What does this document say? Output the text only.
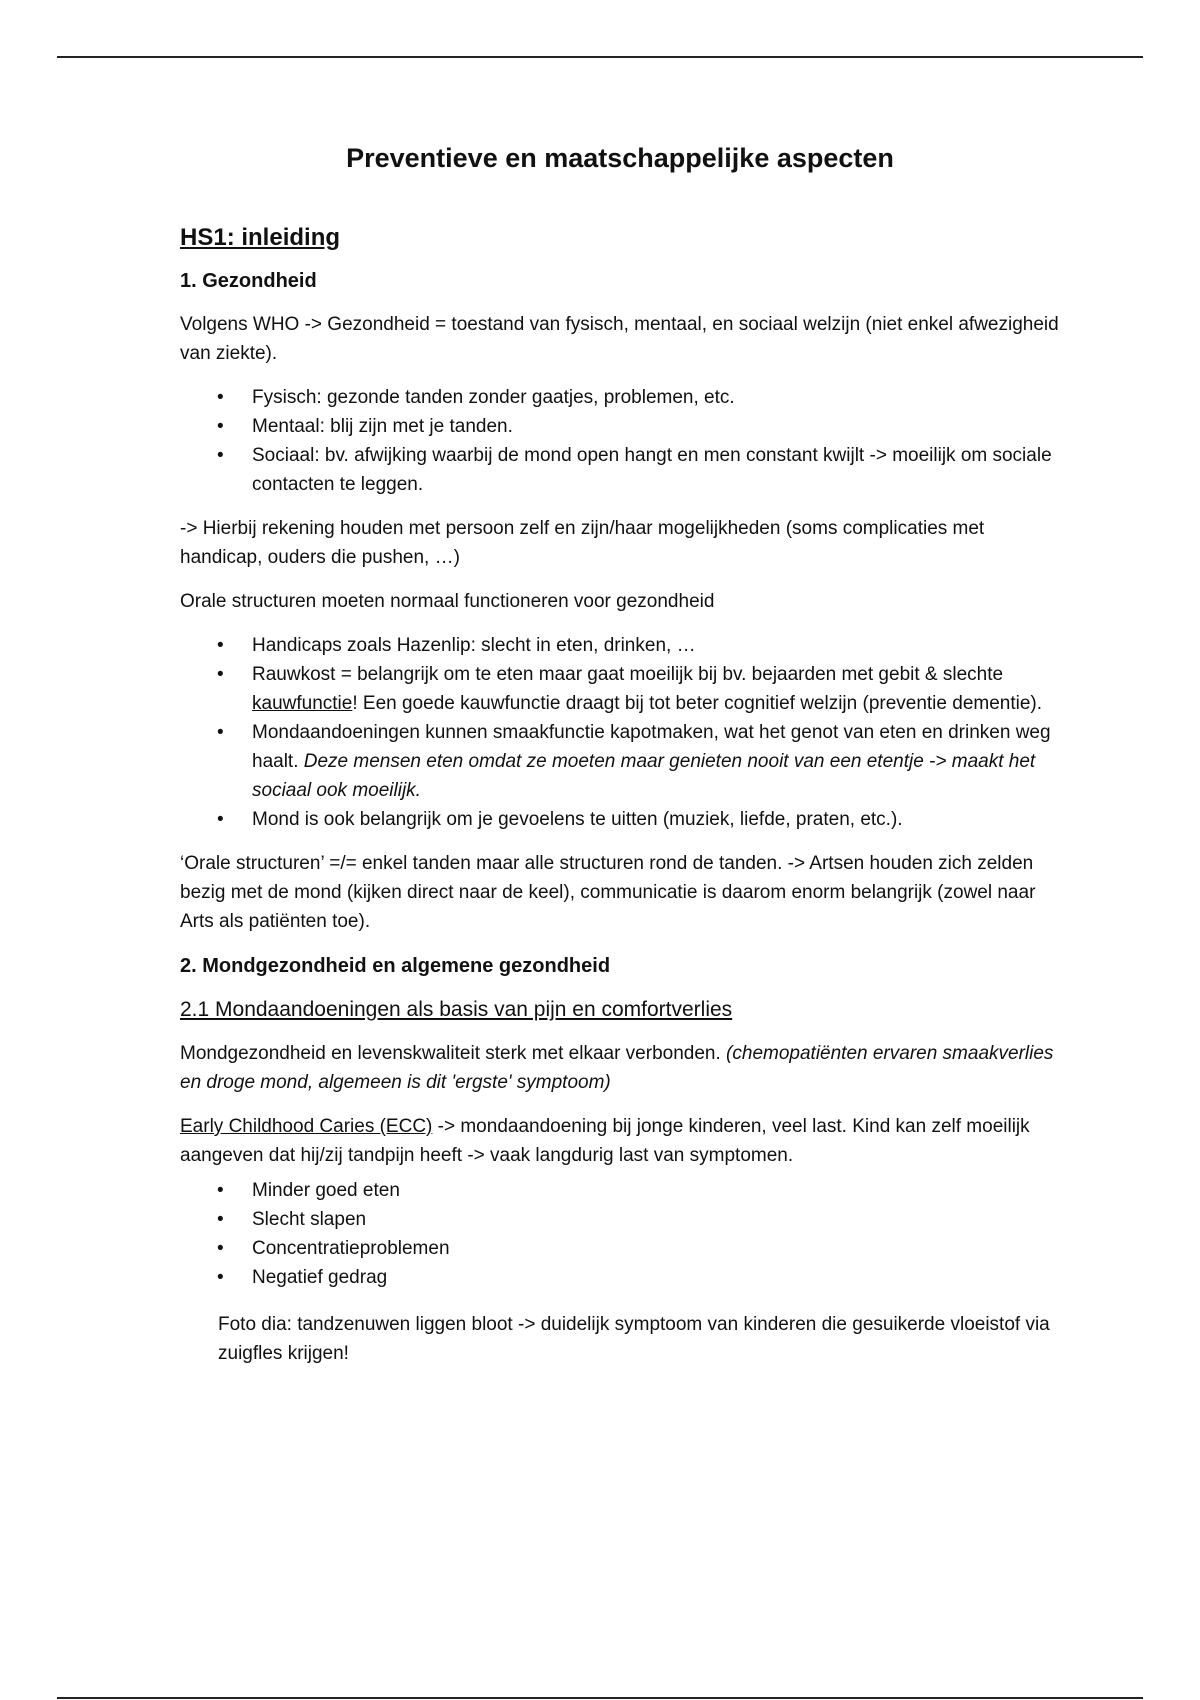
Preventieve en maatschappelijke aspecten
HS1: inleiding
1. Gezondheid

Volgens WHO -> Gezondheid = toestand van fysisch, mentaal, en sociaal welzijn (niet enkel afwezigheid van ziekte).

• Fysisch: gezonde tanden zonder gaatjes, problemen, etc.
• Mentaal: blij zijn met je tanden.
• Sociaal: bv. afwijking waarbij de mond open hangt en men constant kwijlt -> moeilijk om sociale contacten te leggen.

-> Hierbij rekening houden met persoon zelf en zijn/haar mogelijkheden (soms complicaties met handicap, ouders die pushen, …)

Orale structuren moeten normaal functioneren voor gezondheid

• Handicaps zoals Hazenlip: slecht in eten, drinken, …
• Rauwkost = belangrijk om te eten maar gaat moeilijk bij bv. bejaarden met gebit & slechte kauwfunctie! Een goede kauwfunctie draagt bij tot beter cognitief welzijn (preventie dementie).
• Mondaandoeningen kunnen smaakfunctie kapotmaken, wat het genot van eten en drinken weg haalt. Deze mensen eten omdat ze moeten maar genieten nooit van een etentje -> maakt het sociaal ook moeilijk.
• Mond is ook belangrijk om je gevoelens te uitten (muziek, liefde, praten, etc.).

‘Orale structuren’ =/= enkel tanden maar alle structuren rond de tanden. -> Artsen houden zich zelden bezig met de mond (kijken direct naar de keel), communicatie is daarom enorm belangrijk (zowel naar Arts als patiënten toe).

2. Mondgezondheid en algemene gezondheid
2.1 Mondaandoeningen als basis van pijn en comfortverlies

Mondgezondheid en levenskwaliteit sterk met elkaar verbonden. (chemopatiënten ervaren smaakverlies en droge mond, algemeen is dit 'ergste' symptoom)

Early Childhood Caries (ECC) -> mondaandoening bij jonge kinderen, veel last. Kind kan zelf moeilijk aangeven dat hij/zij tandpijn heeft -> vaak langdurig last van symptomen.

• Minder goed eten
• Slecht slapen
• Concentratieproblemen
• Negatief gedrag

Foto dia: tandzenuwen liggen bloot -> duidelijk symptoom van kinderen die gesuikerde vloeistof via zuigfles krijgen!
